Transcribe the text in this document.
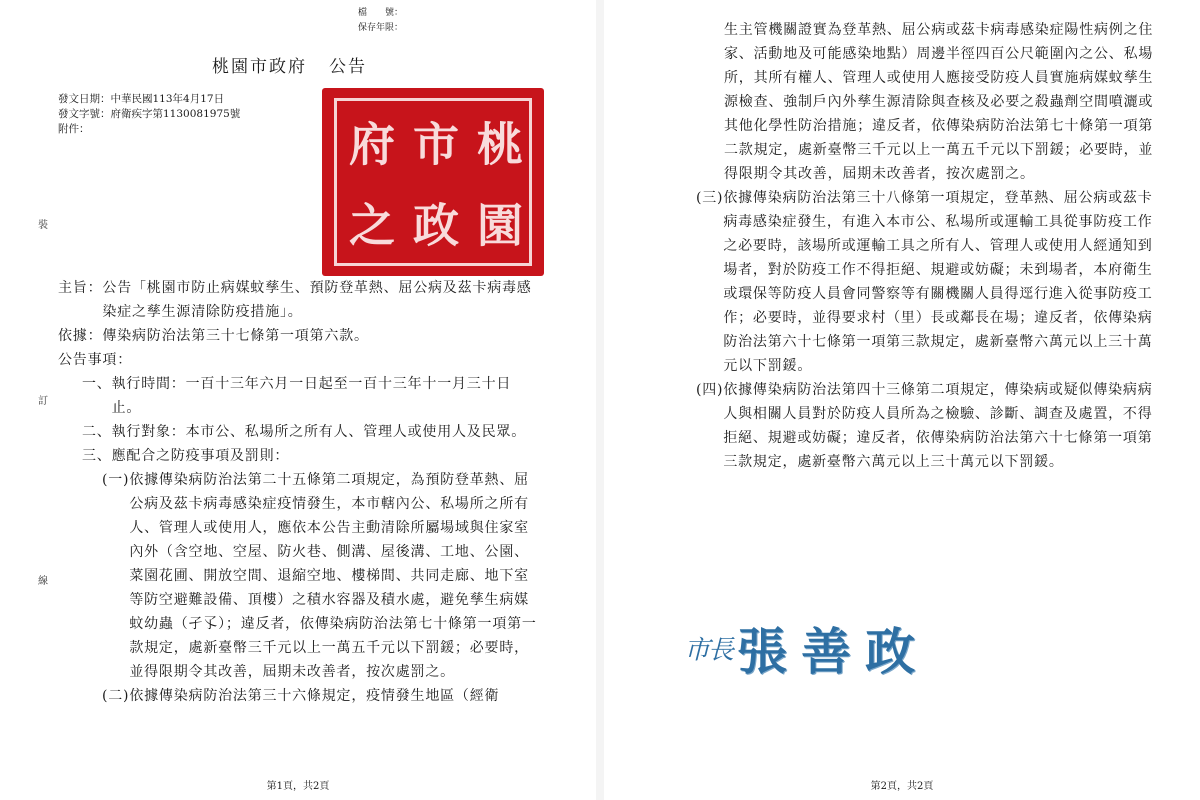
檔　　號：
保存年限：
桃園市政府 公告
發文日期：中華民國113年4月17日
發文字號：府衛疾字第1130081975號
附件：	府 市 桃
之 政 園
裝
訂
線
主旨： 公告「桃園市防止病媒蚊孳生、預防登革熱、屈公病及茲卡病毒感染症之孳生源清除防疫措施」。
依據： 傳染病防治法第三十七條第一項第六款。
公告事項：
一、 執行時間：一百十三年六月一日起至一百十三年十一月三十日止。
二、 執行對象：本市公、私場所之所有人、管理人或使用人及民眾。
三、 應配合之防疫事項及罰則：
(一) 依據傳染病防治法第二十五條第二項規定，為預防登革熱、屈公病及茲卡病毒感染症疫情發生，本市轄內公、私場所之所有人、管理人或使用人，應依本公告主動清除所屬場域與住家室內外（含空地、空屋、防火巷、側溝、屋後溝、工地、公園、菜園花圃、開放空間、退縮空地、樓梯間、共同走廊、地下室等防空避難設備、頂樓）之積水容器及積水處，避免孳生病媒蚊幼蟲（孑孓）；違反者，依傳染病防治法第七十條第一項第一款規定，處新臺幣三千元以上一萬五千元以下罰鍰；必要時，並得限期令其改善，屆期未改善者，按次處罰之。
(二) 依據傳染病防治法第三十六條規定，疫情發生地區（經衛
第1頁，共2頁	第2頁，共2頁
生主管機關證實為登革熱、屈公病或茲卡病毒感染症陽性病例之住家、活動地及可能感染地點）周邊半徑四百公尺範圍內之公、私場所，其所有權人、管理人或使用人應接受防疫人員實施病媒蚊孳生源檢查、強制戶內外孳生源清除與查核及必要之殺蟲劑空間噴灑或其他化學性防治措施；違反者，依傳染病防治法第七十條第一項第二款規定，處新臺幣三千元以上一萬五千元以下罰鍰；必要時，並得限期令其改善，屆期未改善者，按次處罰之。
(三) 依據傳染病防治法第三十八條第一項規定，登革熱、屈公病或茲卡病毒感染症發生，有進入本市公、私場所或運輸工具從事防疫工作之必要時，該場所或運輸工具之所有人、管理人或使用人經通知到場者，對於防疫工作不得拒絕、規避或妨礙；未到場者，本府衛生或環保等防疫人員會同警察等有關機關人員得逕行進入從事防疫工作；必要時，並得要求村（里）長或鄰長在場；違反者，依傳染病防治法第六十七條第一項第三款規定，處新臺幣六萬元以上三十萬元以下罰鍰。
(四) 依據傳染病防治法第四十三條第二項規定，傳染病或疑似傳染病病人與相關人員對於防疫人員所為之檢驗、診斷、調查及處置，不得拒絕、規避或妨礙；違反者，依傳染病防治法第六十七條第一項第三款規定，處新臺幣六萬元以上三十萬元以下罰鍰。
市長 張善政
